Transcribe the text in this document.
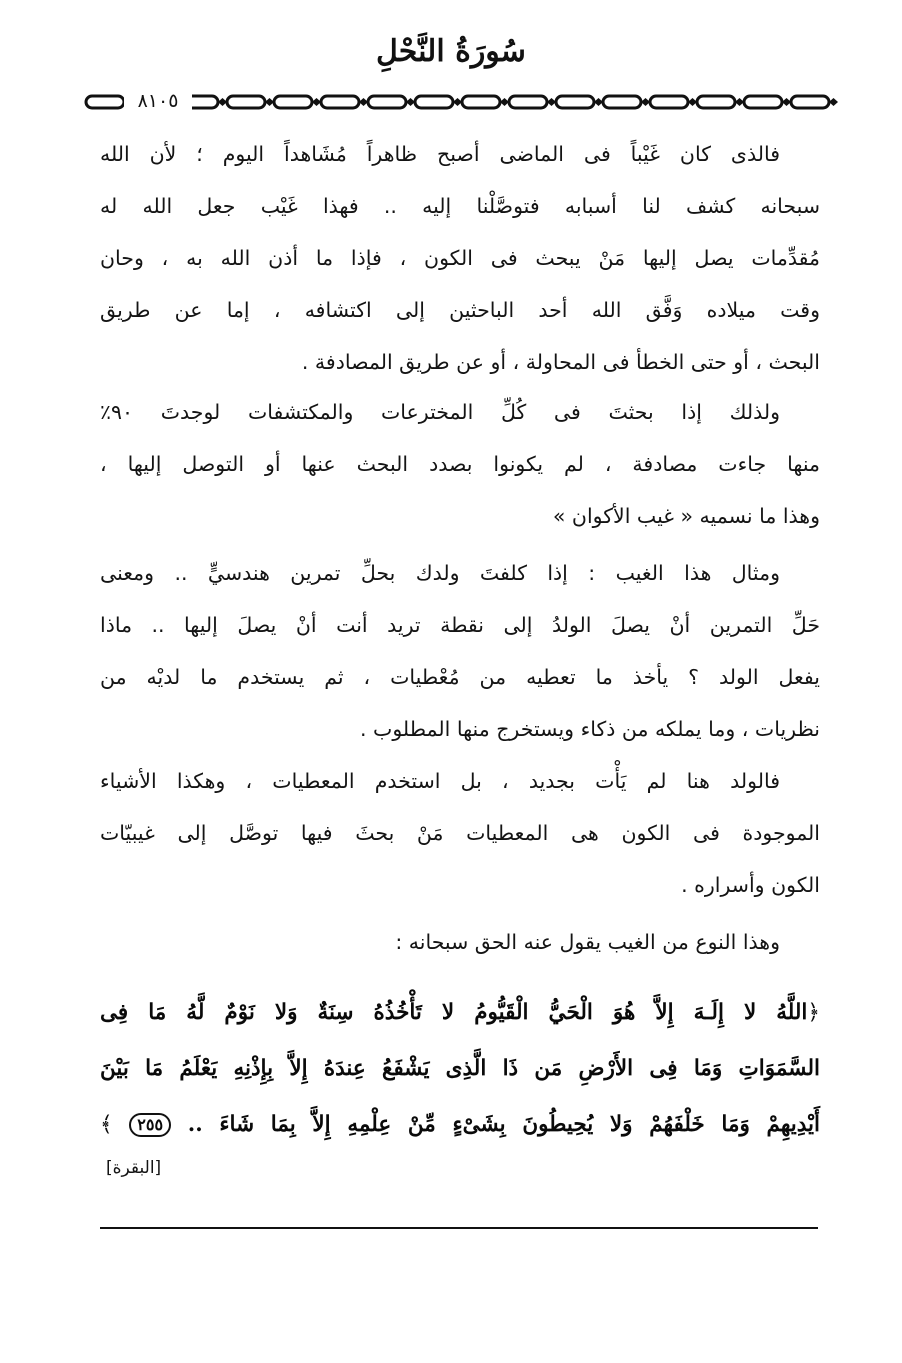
سُورَةُ النَّحْلِ
٨١٠٥
فالذى كان غَيْباً فى الماضى أصبح ظاهراً مُشَاهداً اليوم ؛ لأن الله
سبحانه كشف لنا أسبابه فتوصَّلْنا إليه .. فهذا غَيْب جعل الله له
مُقدِّمات يصل إليها مَنْ يبحث فى الكون ، فإذا ما أذن الله به ، وحان
وقت ميلاده وَفَّق الله أحد الباحثين إلى اكتشافه ، إما عن طريق
البحث ، أو حتى الخطأ فى المحاولة ، أو عن طريق المصادفة .
ولذلك إذا بحثتَ فى كُلِّ المخترعات والمكتشفات لوجدتَ ٩٠٪
منها جاءت مصادفة ، لم يكونوا بصدد البحث عنها أو التوصل إليها ،
وهذا ما نسميه « غيب الأكوان »
ومثال هذا الغيب : إذا كلفتَ ولدك بحلِّ تمرين هندسيٍّ .. ومعنى
حَلِّ التمرين أنْ يصلَ الولدُ إلى نقطة تريد أنت أنْ يصلَ إليها .. ماذا
يفعل الولد ؟ يأخذ ما تعطيه من مُعْطيات ، ثم يستخدم ما لديْه من
نظريات ، وما يملكه من ذكاء ويستخرج منها المطلوب .
فالولد هنا لم يَأْت بجديد ، بل استخدم المعطيات ، وهكذا الأشياء
الموجودة فى الكون هى المعطيات مَنْ بحثَ فيها توصَّل إلى غيبيّات
الكون وأسراره .
وهذا النوع من الغيب يقول عنه الحق سبحانه :
﴿اللَّهُ لا إِلَـهَ إِلاَّ هُوَ الْحَيُّ الْقَيُّومُ لا تَأْخُذُهُ سِنَةٌ وَلا نَوْمٌ لَّهُ مَا فِى
السَّمَوَاتِ وَمَا فِى الأَرْضِ مَن ذَا الَّذِى يَشْفَعُ عِندَهُ إِلاَّ بِإِذْنِهِ يَعْلَمُ مَا بَيْنَ
أَيْدِيهِمْ وَمَا خَلْفَهُمْ وَلا يُحِيطُونَ بِشَىْءٍ مِّنْ عِلْمِهِ إِلاَّ بِمَا شَاءَ .. ٢٥٥ ﴾
[البقرة]
